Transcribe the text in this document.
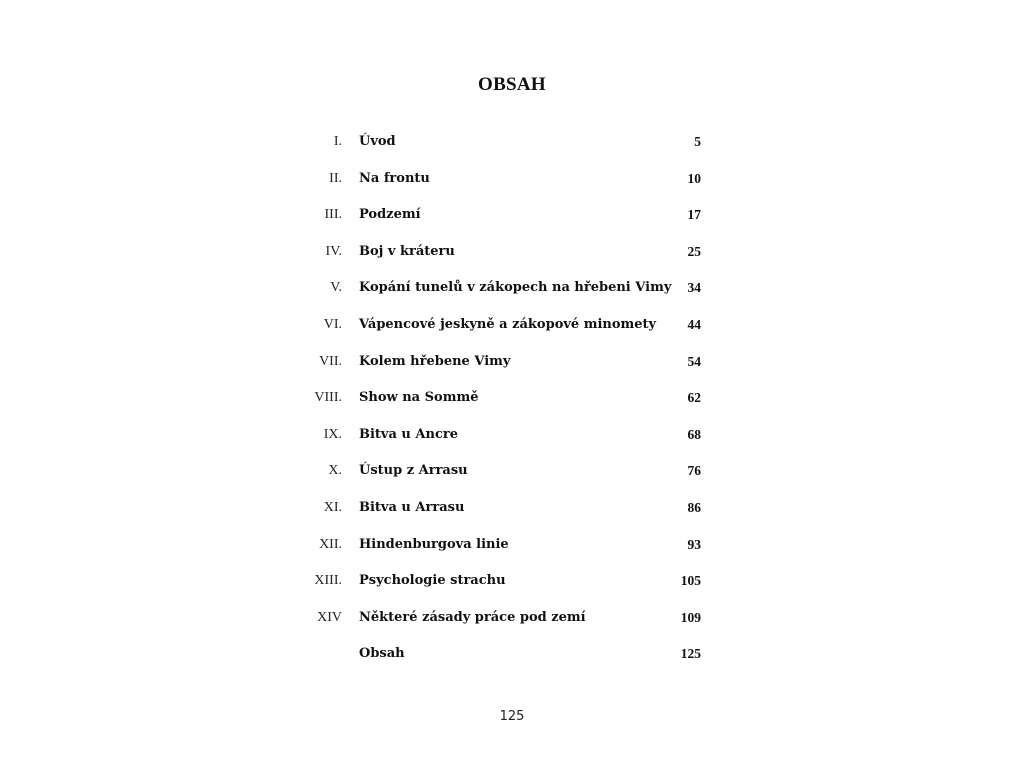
OBSAH
I. Úvod	5
II. Na frontu	10
III. Podzemí	17
IV. Boj v kráteru	25
V. Kopání tunelů v zákopech na hřebeni Vimy 34
VI. Vápencové jeskyně a zákopové minomety 44
VII. Kolem hřebene Vimy	54
VIII. Show na Sommě	62
IX. Bitva u Ancre	68
X. Ústup z Arrasu	76
XI. Bitva u Arrasu	86
XII. Hindenburgova linie	93
XIII. Psychologie strachu	105
XIV Některé zásady práce pod zemí	109
Obsah	125

125
